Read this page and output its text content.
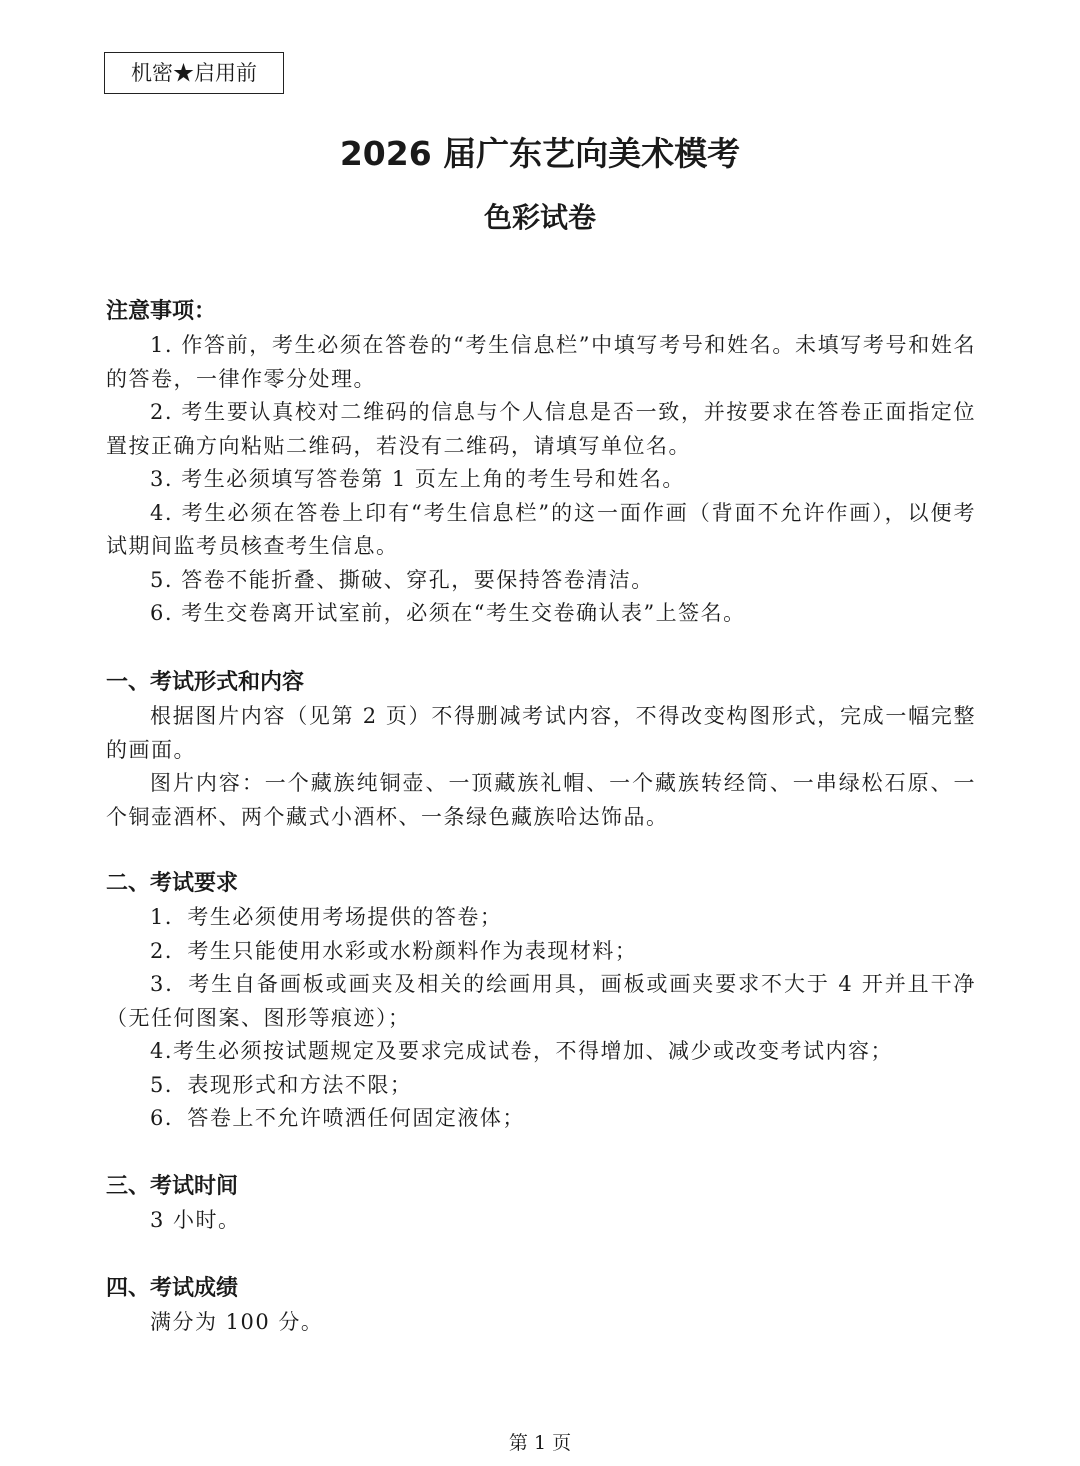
机密★启用前
2026 届广东艺向美术模考
色彩试卷
注意事项：

1. 作答前，考生必须在答卷的“考生信息栏”中填写考号和姓名。未填写考号和姓名的答卷，一律作零分处理。

2. 考生要认真校对二维码的信息与个人信息是否一致，并按要求在答卷正面指定位置按正确方向粘贴二维码，若没有二维码，请填写单位名。

3. 考生必须填写答卷第 1 页左上角的考生号和姓名。

4. 考生必须在答卷上印有“考生信息栏”的这一面作画（背面不允许作画），以便考试期间监考员核查考生信息。

5. 答卷不能折叠、撕破、穿孔，要保持答卷清洁。

6. 考生交卷离开试室前，必须在“考生交卷确认表”上签名。

一、考试形式和内容

根据图片内容（见第 2 页）不得删减考试内容，不得改变构图形式，完成一幅完整的画面。

图片内容：一个藏族纯铜壶、一顶藏族礼帽、一个藏族转经筒、一串绿松石原、一个铜壶酒杯、两个藏式小酒杯、一条绿色藏族哈达饰品。

二、考试要求

1．考生必须使用考场提供的答卷；

2．考生只能使用水彩或水粉颜料作为表现材料；

3．考生自备画板或画夹及相关的绘画用具，画板或画夹要求不大于 4 开并且干净（无任何图案、图形等痕迹）；

4.考生必须按试题规定及要求完成试卷，不得增加、减少或改变考试内容；

5．表现形式和方法不限；

6．答卷上不允许喷洒任何固定液体；

三、考试时间

3 小时。

四、考试成绩

满分为 100 分。

第 1 页
